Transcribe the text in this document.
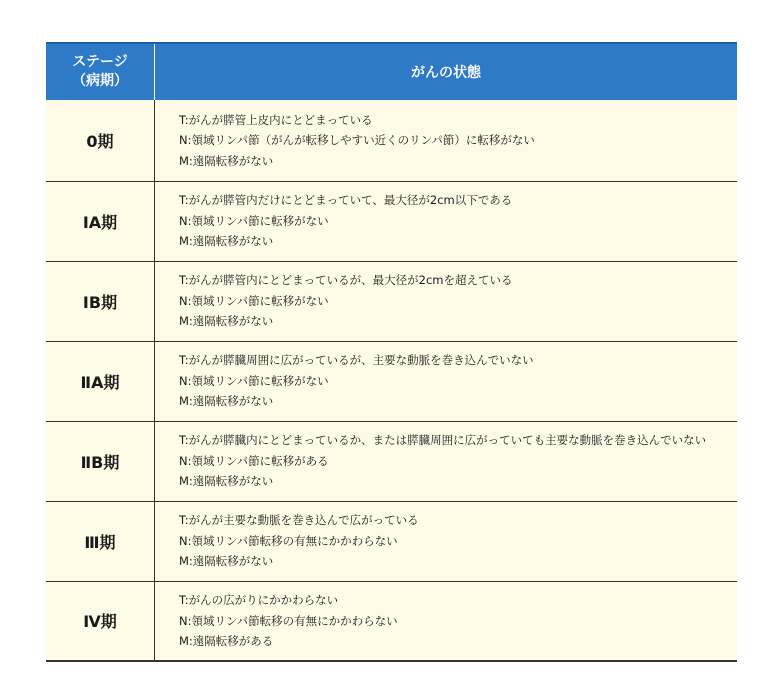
ステージ
（病期）	がんの状態
0期	T:がんが膵管上皮内にとどまっている
N:領域リンパ節（がんが転移しやすい近くのリンパ節）に転移がない
M:遠隔転移がない

ⅠA期	T:がんが膵管内だけにとどまっていて、最大径が2cm以下である
N:領域リンパ節に転移がない
M:遠隔転移がない

ⅠB期	T:がんが膵管内にとどまっているが、最大径が2cmを超えている
N:領域リンパ節に転移がない
M:遠隔転移がない

ⅡA期	T:がんが膵臓周囲に広がっているが、主要な動脈を巻き込んでいない
N:領域リンパ節に転移がない
M:遠隔転移がない

ⅡB期	T:がんが膵臓内にとどまっているか、または膵臓周囲に広がっていても主要な動脈を巻き込んでいない
N:領域リンパ節に転移がある
M:遠隔転移がない

Ⅲ期	T:がんが主要な動脈を巻き込んで広がっている
N:領域リンパ節転移の有無にかかわらない
M:遠隔転移がない

Ⅳ期	T:がんの広がりにかかわらない
N:領域リンパ節転移の有無にかかわらない
M:遠隔転移がある
